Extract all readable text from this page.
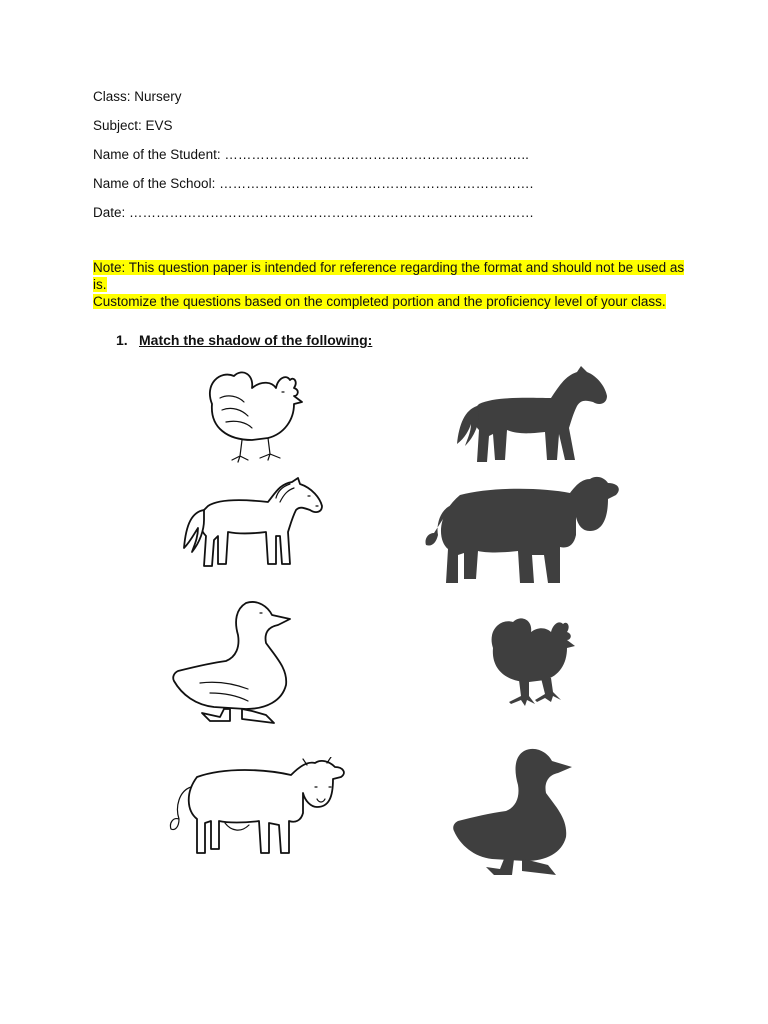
Class: Nursery
Subject: EVS
Name of the Student: …………………………………………………………..
Name of the School: …………………………………………………………….
Date: ………………………………………………………………………………
Note: This question paper is intended for reference regarding the format and should not be used as is.
Customize the questions based on the completed portion and the proficiency level of your class.
1. Match the shadow of the following:
